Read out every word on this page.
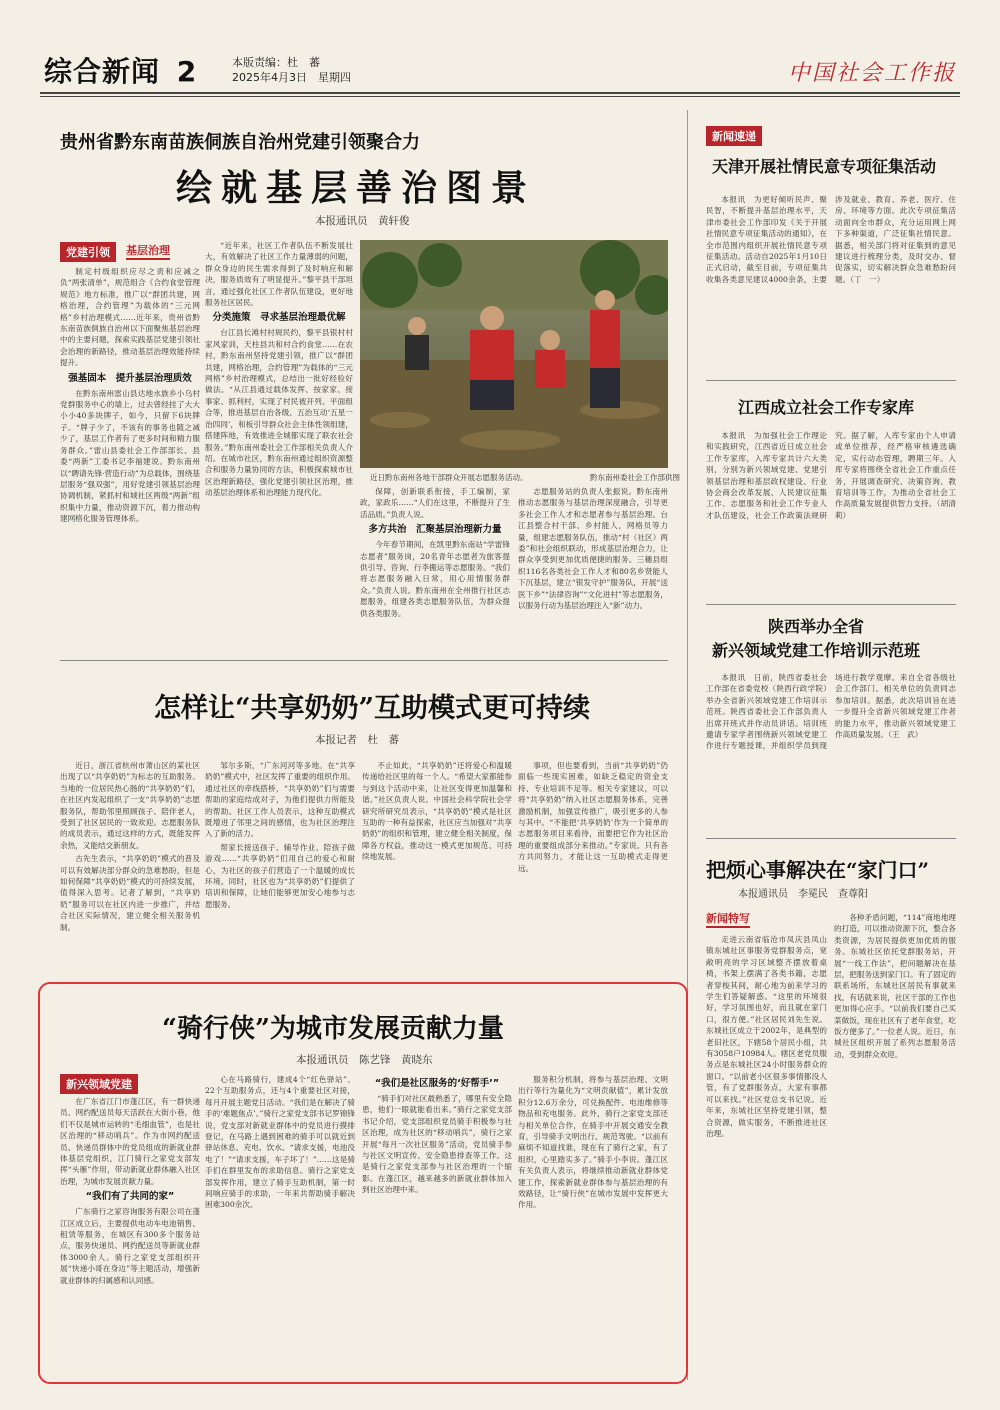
综合新闻 2	本版责编：杜　蕃
2025年4月3日　星期四	中国社会工作报
贵州省黔东南苗族侗族自治州党建引领聚合力
绘就基层善治图景
本报通讯员　黄轩俊
党建引领	基层治理

制定村级组织应尽之责和应减之负“两张清单”，规范组合《合约食堂管理规范》地方标准，推广以“群团共建，网格治理，合约管理”为载体的“三元网格”乡村治理模式……近年来，贵州省黔东南苗族侗族自治州以下面聚焦基层治理中的主要问题，探索实践基层党建引领社会治理的新路径，推动基层治理效能持续提升。

强基固本　提升基层治理质效

在黔东南州雷山县达地水族乡小乌村党群服务中心的墙上，过去曾经挂了大大小小40多块牌子，如今，只留下6块牌子。“牌子少了，不该有的事务也随之减少了，基层工作者有了更多时间和精力服务群众。”雷山县委社会工作部部长、县委“两新”工委书记李福建说。黔东南州以“聘请先锋·营造行动”为总载体，围绕基层服务“强双强”，用好党建引领基层治理协调机制，紧抓村和城社区两级“两新”组织集中力量，推动资源下沉，着力推动构建网格化服务管理体系。

“近年来，社区工作者队伍不断发展壮大，有效解决了社区工作力量薄弱的问题，群众身边的民生需求得到了及时响应和解决，服务质效有了明显提升。”黎平县干部坦言，通过强化社区工作者队伍建设，更好地服务社区居民。

分类施策　寻求基层治理最优解

台江县长滩村村规民约，黎平县银村村家风家训，天柱县共和村合约食堂……在农村，黔东南州坚持党建引领，推广以“群团共建，网格治理，合约管理”为载体的“三元网格”乡村治理模式，总结出一批好经验好做法。“从江县通过载体发挥、按家家、接事家、抓利村，实现了村民被开列、平面组合等，推进基层自治各级、五治互动‘五星一治四同’，和板引导群众社会主体性领组建，搭建阵地，有效推进全城都实现了联农社会服务。”黔东南州委社会工作部相关负责人介绍。在城市社区，黔东南州通过组织资源整合和服务力量协同的方法，积极探索城市社区治理新路径，强化党建引领社区治理，推动基层治理体系和治理能力现代化。

近日黔东南州各地干部群众开展志愿服务活动。	黔东南州委社会工作部供图

保障，创新联系衔接，手工编制，家政，家政乐……“人们在这里，不断提升了生活品质。”负责人说。

多方共治　汇聚基层治理新力量

今年春节期间，在凯里黔东南站“学雷锋志愿者”服务岗，20名青年志愿者为旅客提供引导、咨询、行李搬运等志愿服务。“我们将志愿服务融入日常，用心用情服务群众。”负责人说。黔东南州在全州推行社区志愿服务，组建各类志愿服务队伍，为群众提供各类服务。

志愿服务站的负责人张振说。黔东南州推动志愿服务与基层治理深度融合，引导更多社会工作人才和志愿者参与基层治理。台江县整合村干部、乡村能人，网格员等力量，组建志愿服务队伍，推动“村（社区）两委”和社会组织联动，形成基层治理合力，让群众享受到更加优质便捷的服务。三穗县组织116名各类社会工作人才和80名乡贤能人下沉基层，建立“银发守护”服务队，开展“送医下乡”“法律咨询”“文化进村”等志愿服务，以服务行动为基层治理注入“新”动力。

怎样让“共享奶奶”互助模式更可持续
本报记者　杜　蕃

近日，浙江省杭州市萧山区的某社区出现了以“共享奶奶”为标志的互助服务。当地的一位居民热心肠的“共享奶奶”们，在社区内发起组织了一支“共享奶奶”志愿服务队，帮助邻里照顾孩子、陪伴老人，受到了社区居民的一致欢迎。志愿服务队的成员表示，通过这样的方式，既能发挥余热，又能结交新朋友。

古先生表示，“共享奶奶”模式的普及可以有效解决部分群众的急难愁盼，但是如何保障“共享奶奶”模式的可持续发展，值得深入思考。记者了解到，“共享奶奶”服务可以在社区内进一步推广，并结合社区实际情况，建立健全相关服务机制。

邹尔多斯，“广东河河等多地。在“共享奶奶”模式中，社区发挥了重要的组织作用。通过社区的牵线搭桥，“共享奶奶”们与需要帮助的家庭结成对子，为他们提供力所能及的帮助。社区工作人员表示，这种互助模式既增进了邻里之间的感情，也为社区治理注入了新的活力。

帮家长接送孩子、辅导作业、陪孩子做游戏……“共享奶奶”们用自己的爱心和耐心，为社区的孩子们营造了一个温暖的成长环境。同时，社区也为“共享奶奶”们提供了培训和保障，让她们能够更加安心地参与志愿服务。

不止如此，“共享奶奶”还将爱心和温暖传递给社区里的每一个人。“希望大家都能参与到这个活动中来，让社区变得更加温馨和谐。”社区负责人说。中国社会科学院社会学研究所研究员表示，“共享奶奶”模式是社区互助的一种有益探索，社区应当加强对“共享奶奶”的组织和管理，建立健全相关制度，保障各方权益，推动这一模式更加规范、可持续地发展。

事项，但也要看到，当前“共享奶奶”仍面临一些现实困难，如缺乏稳定的资金支持、专业培训不足等。相关专家建议，可以将“共享奶奶”纳入社区志愿服务体系，完善激励机制，加强宣传推广，吸引更多的人参与其中。“不能把‘共享奶奶’作为一个简单的志愿服务项目来看待，而要把它作为社区治理的重要组成部分来推动。”专家说。只有各方共同努力，才能让这一互助模式走得更远。

“骑行侠”为城市发展贡献力量
本报通讯员　陈艺锋　黄晓东
新兴领域党建

在广东省江门市蓬江区，有一群快递员、网约配送员每天活跃在大街小巷，他们不仅是城市运转的“毛细血管”，也是社区治理的“移动哨兵”。作为市网约配送员、快递员群体中的党员组成的新就业群体基层党组织，江门骑行之家党支部发挥“头雁”作用，带动新就业群体融入社区治理，为城市发展贡献力量。

“我们有了共同的家”

广东骑行之家咨询服务有限公司在蓬江区成立后，主要提供电动车电池销售、租赁等服务，在城区有300多个服务站点，服务快递员、网约配送员等新就业群体3000余人。骑行之家党支部组织开展“快递小哥在身边”等主题活动，增强新就业群体的归属感和认同感。

心在马路骑行，建成4个“红色驿站”、22个互助服务点，还与4个重要社区对接，每月开展主题党日活动。“我们是在解决了骑手的‘难题焦点’。”骑行之家党支部书记罗锦锋说，党支部对新就业群体中的党员进行摸排登记，在马路上遇到困难的骑手可以就近到驿站休息、充电、饮水。“请求支援，电池没电了！”“请求支援，车子坏了！”……这是骑手们在群里发布的求助信息。骑行之家党支部发挥作用，建立了骑手互助机制，第一时间响应骑手的求助，一年来共帮助骑手解决困难300余次。

“我们是社区服务的‘好帮手’”

“骑手们对社区最熟悉了，哪里有安全隐患，他们一眼就能看出来。”骑行之家党支部书记介绍，党支部组织党员骑手积极参与社区治理，成为社区的“移动哨兵”，骑行之家开展“每月一次社区服务”活动，党员骑手参与社区文明宣传、安全隐患排查等工作。这是骑行之家党支部参与社区治理的一个缩影。在蓬江区，越来越多的新就业群体加入到社区治理中来。

服务积分机制，将参与基层治理、文明出行等行为量化为“文明贡献值”，累计发放积分12.6万余分，可兑换配件、电池维修等物品和充电服务。此外，骑行之家党支部还与相关单位合作，在骑手中开展交通安全教育，引导骑手文明出行、规范驾驶。“以前有麻烦不知道找谁，现在有了骑行之家，有了组织，心里踏实多了。”骑手小李说。蓬江区有关负责人表示，将继续推动新就业群体党建工作，探索新就业群体参与基层治理的有效路径，让“骑行侠”在城市发展中发挥更大作用。

新闻速递
天津开展社情民意专项征集活动

本报讯　为更好倾听民声、聚民智，不断提升基层治理水平，天津市委社会工作部印发《关于开展社情民意专项征集活动的通知》，在全市范围内组织开展社情民意专项征集活动。活动自2025年1月10日正式启动，截至目前，专项征集共收集各类意见建议4000余条，主要涉及就业、教育、养老、医疗、住房、环境等方面。此次专项征集活动面向全市群众，充分运用网上网下多种渠道，广泛征集社情民意。据悉，相关部门将对征集到的意见建议进行梳理分类，及时交办、督促落实，切实解决群众急难愁盼问题。（丁　一）

江西成立社会工作专家库

本报讯　为加强社会工作理论和实践研究，江西省近日成立社会工作专家库，入库专家共计六大类别，分别为新兴领域党建、党建引领基层治理和基层政权建设、行业协会商会改革发展、人民建议征集工作、志愿服务和社会工作专业人才队伍建设，社会工作政策法规研究。据了解，入库专家由个人申请或单位推荐，经严格审核遴选确定，实行动态管理，聘期三年。入库专家将围绕全省社会工作重点任务，开展调查研究、决策咨询、教育培训等工作，为推动全省社会工作高质量发展提供智力支持。（胡清莉）

陕西举办全省
新兴领域党建工作培训示范班

本报讯　日前，陕西省委社会工作部在省委党校（陕西行政学院）举办全省新兴领域党建工作培训示范班。陕西省委社会工作部负责人出席开班式并作动员讲话。培训班邀请专家学者围绕新兴领域党建工作进行专题授课，并组织学员到现场进行教学观摩。来自全省各级社会工作部门、相关单位的负责同志参加培训。据悉，此次培训旨在进一步提升全省新兴领域党建工作者的能力水平，推动新兴领域党建工作高质量发展。（王　武）

把烦心事解决在“家门口”
本报通讯员　李冕民　查尊阳
新闻特写

走进云南省临沧市凤庆县凤山镇东城社区事服务党群服务点，宽敞明亮的学习区域整齐摆放着桌椅，书架上摆满了各类书籍，志愿者穿梭其间，耐心地为前来学习的学生们答疑解惑。“这里的环境很好，学习氛围也好，而且就在家门口，很方便。”社区居民刘先生说。东城社区成立于2002年，是典型的老旧社区，下辖58个居民小组，共有3058户10984人。辖区老党员服务点是东城社区24小时服务群众的窗口。“以前老小区很多事情都没人管，有了党群服务点，大家有事都可以来找。”社区党总支书记说。近年来，东城社区坚持党建引领，整合资源，做实服务，不断推进社区治理。

各种矛盾问题，“114”商地地理的打造，可以推动资源下沉，整合各类资源，为居民提供更加优质的服务。东城社区依托党群服务站，开展“一线工作法”，把问题解决在基层，把服务送到家门口。有了固定的联系场所，东城社区居民有事就来找，有话就来说，社区干部的工作也更加得心应手。“以前我们要自己买菜做饭，现在社区有了老年食堂，吃饭方便多了。”一位老人说。近日，东城社区组织开展了系列志愿服务活动，受到群众欢迎。
